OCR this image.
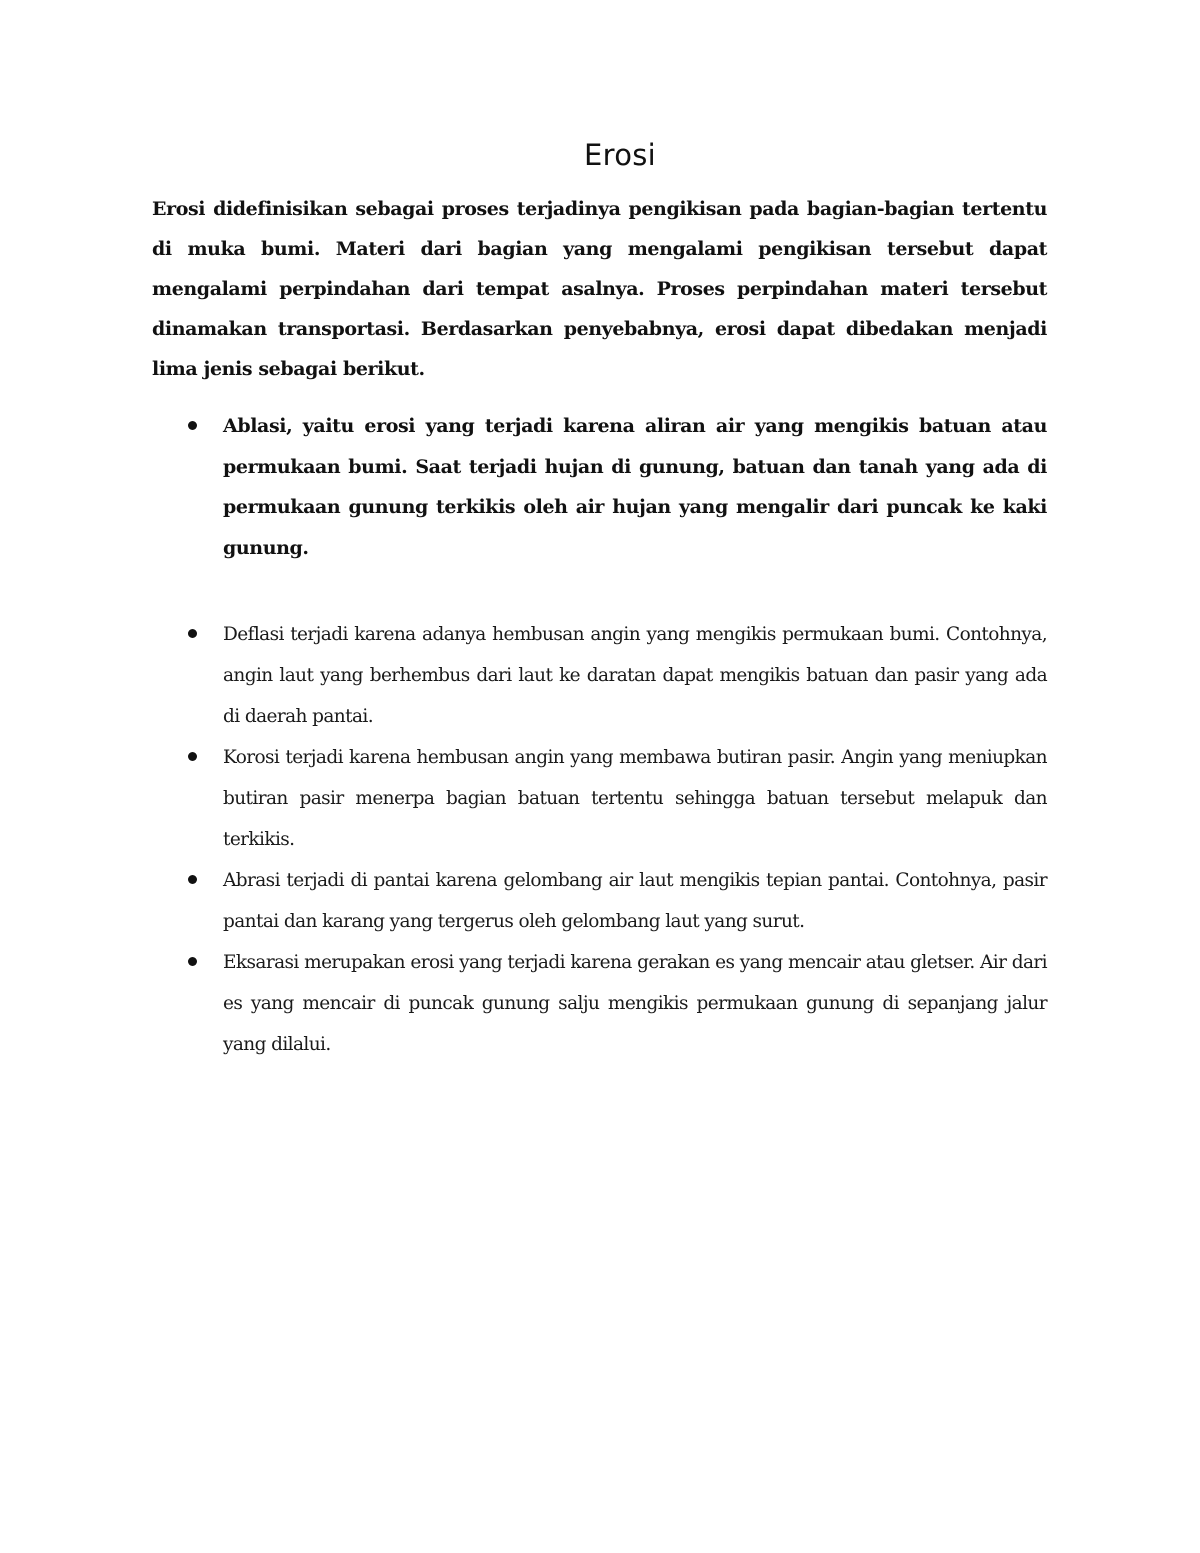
Erosi

Erosi didefinisikan sebagai proses terjadinya pengikisan pada bagian-bagian tertentu di muka bumi. Materi dari bagian yang mengalami pengikisan tersebut dapat mengalami perpindahan dari tempat asalnya. Proses perpindahan materi tersebut dinamakan transportasi. Berdasarkan penyebabnya, erosi dapat dibedakan menjadi lima jenis sebagai berikut.

Ablasi, yaitu erosi yang terjadi karena aliran air yang mengikis batuan atau permukaan bumi. Saat terjadi hujan di gunung, batuan dan tanah yang ada di permukaan gunung terkikis oleh air hujan yang mengalir dari puncak ke kaki gunung.
Deflasi terjadi karena adanya hembusan angin yang mengikis permukaan bumi. Contohnya, angin laut yang berhembus dari laut ke daratan dapat mengikis batuan dan pasir yang ada di daerah pantai.
Korosi terjadi karena hembusan angin yang membawa butiran pasir. Angin yang meniupkan butiran pasir menerpa bagian batuan tertentu sehingga batuan tersebut melapuk dan terkikis.
Abrasi terjadi di pantai karena gelombang air laut mengikis tepian pantai. Contohnya, pasir pantai dan karang yang tergerus oleh gelombang laut yang surut.
Eksarasi merupakan erosi yang terjadi karena gerakan es yang mencair atau gletser. Air dari es yang mencair di puncak gunung salju mengikis permukaan gunung di sepanjang jalur yang dilalui.
